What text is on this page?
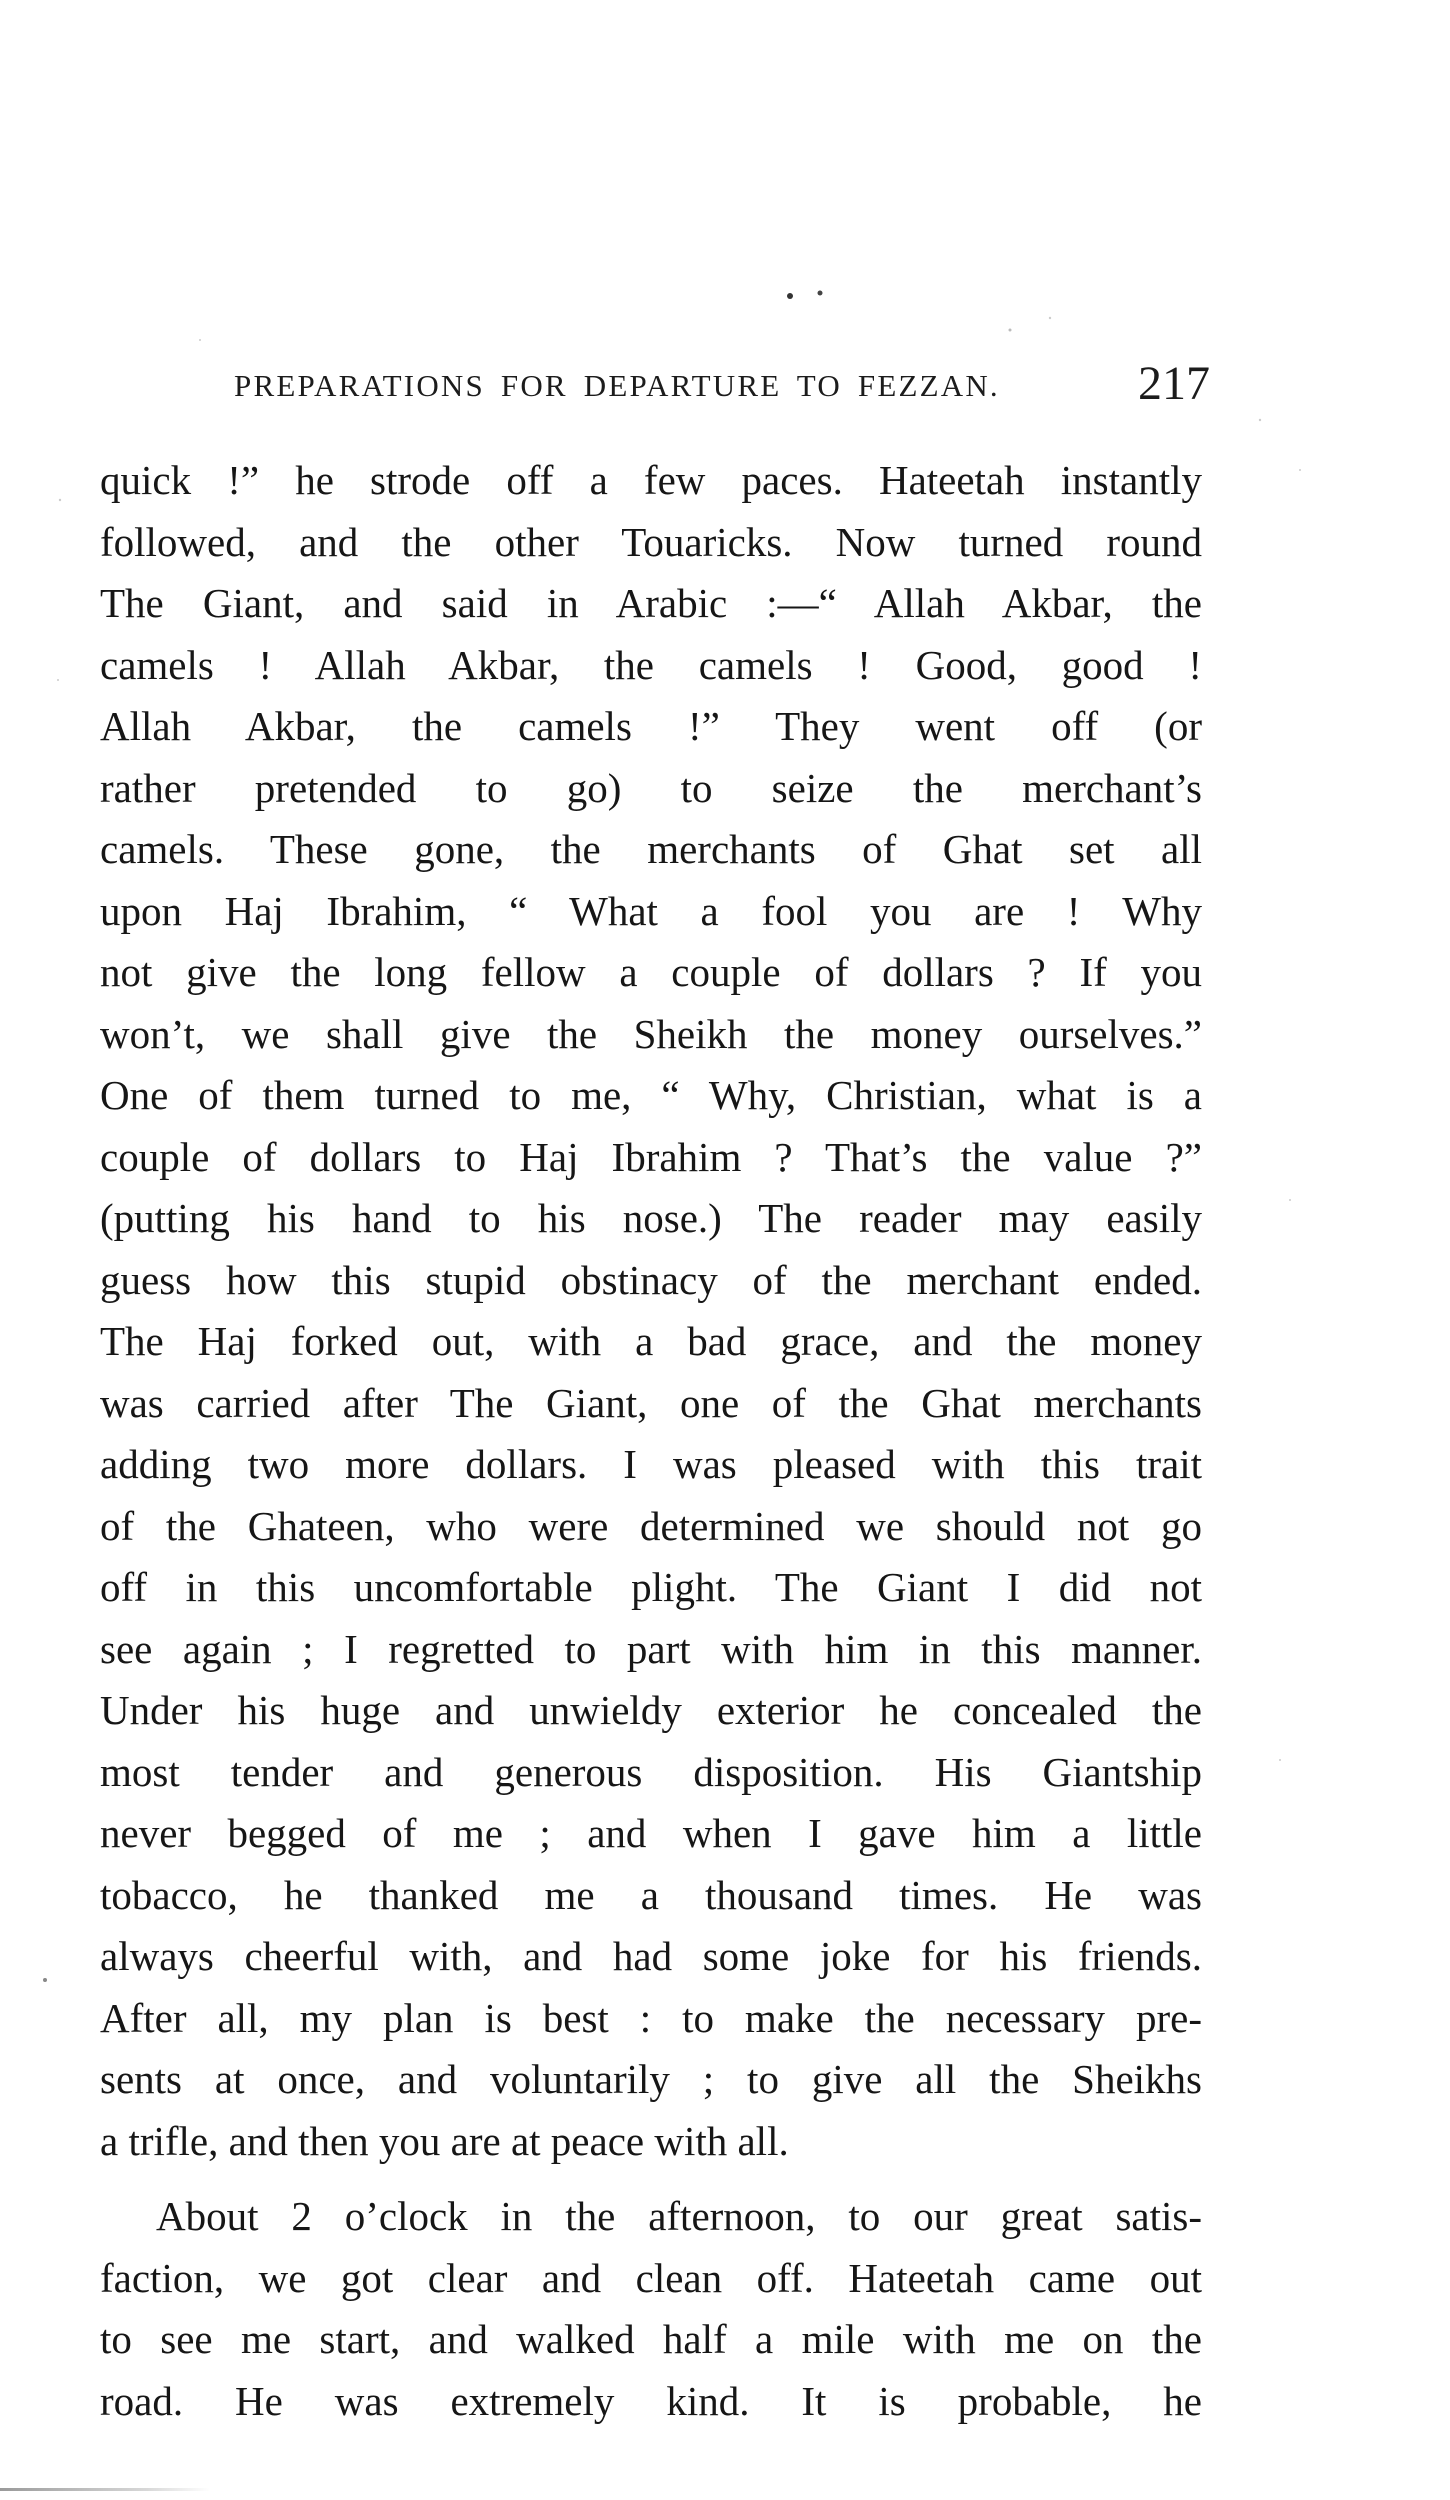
PREPARATIONS FOR DEPARTURE TO FEZZAN.	217
quick !” he strode off a few paces. Hateetah instantly
followed, and the other Touaricks. Now turned round
The Giant, and said in Arabic :—“ Allah Akbar, the
camels ! Allah Akbar, the camels ! Good, good !
Allah Akbar, the camels !” They went off (or
rather pretended to go) to seize the merchant’s
camels. These gone, the merchants of Ghat set all
upon Haj Ibrahim, “ What a fool you are ! Why
not give the long fellow a couple of dollars ? If you
won’t, we shall give the Sheikh the money ourselves.”
One of them turned to me, “ Why, Christian, what is a
couple of dollars to Haj Ibrahim ? That’s the value ?”
(putting his hand to his nose.) The reader may easily
guess how this stupid obstinacy of the merchant ended.
The Haj forked out, with a bad grace, and the money
was carried after The Giant, one of the Ghat merchants
adding two more dollars. I was pleased with this trait
of the Ghateen, who were determined we should not go
off in this uncomfortable plight. The Giant I did not
see again ; I regretted to part with him in this manner.
Under his huge and unwieldy exterior he concealed the
most tender and generous disposition. His Giantship
never begged of me ; and when I gave him a little
tobacco, he thanked me a thousand times. He was
always cheerful with, and had some joke for his friends.
After all, my plan is best : to make the necessary pre-
sents at once, and voluntarily ; to give all the Sheikhs
a trifle, and then you are at peace with all.
About 2 o’clock in the afternoon, to our great satis-
faction, we got clear and clean off. Hateetah came out
to see me start, and walked half a mile with me on the
road. He was extremely kind. It is probable, he
